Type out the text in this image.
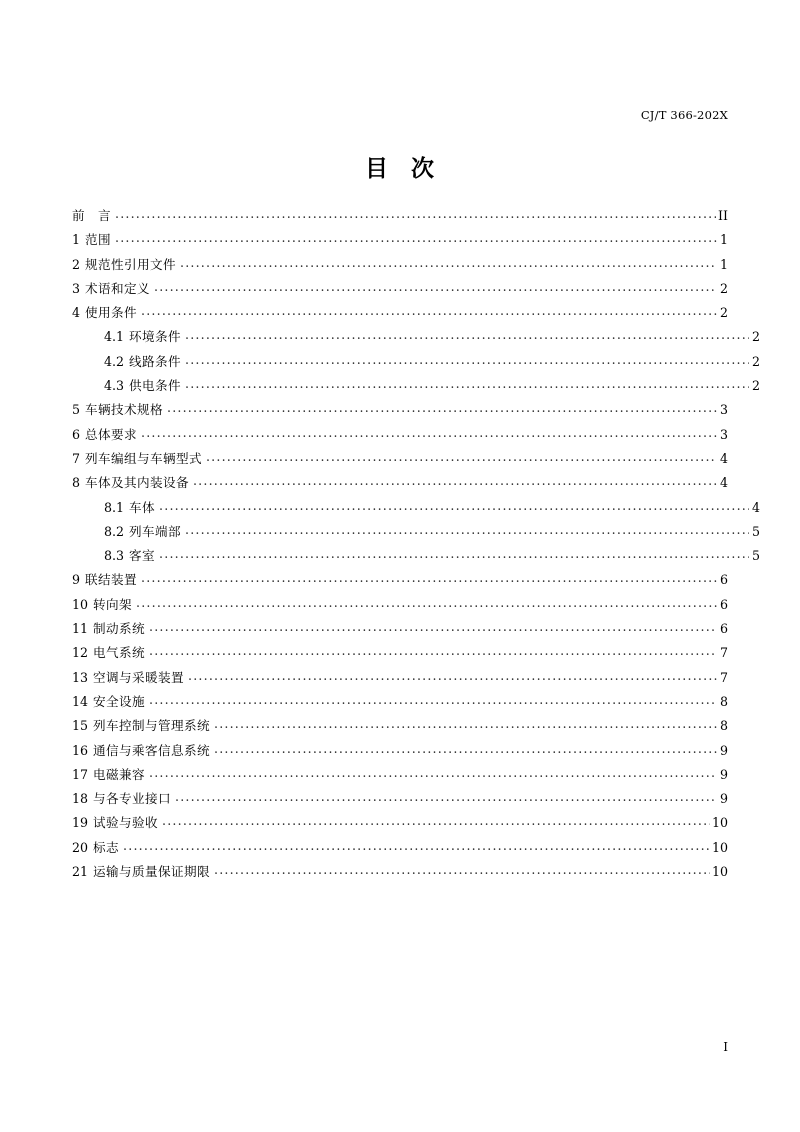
CJ/T 366-202X
目 次
前　言 .....	II
1 范围 .....	1
2 规范性引用文件 .....	1
3 术语和定义 .....	2
4 使用条件 .....	2
4.1 环境条件 .....	2
4.2 线路条件 .....	2
4.3 供电条件 .....	2
5 车辆技术规格 .....	3
6 总体要求 .....	3
7 列车编组与车辆型式 .....	4
8 车体及其内装设备 .....	4
8.1 车体 .....	4
8.2 列车端部 .....	5
8.3 客室 .....	5
9 联结装置 .....	6
10 转向架 .....	6
11 制动系统 .....	6
12 电气系统 .....	7
13 空调与采暖装置 .....	7
14 安全设施 .....	8
15 列车控制与管理系统 .....	8
16 通信与乘客信息系统 .....	9
17 电磁兼容 .....	9
18 与各专业接口 .....	9
19 试验与验收 .....	10
20 标志 .....	10
21 运输与质量保证期限 .....	10
I
